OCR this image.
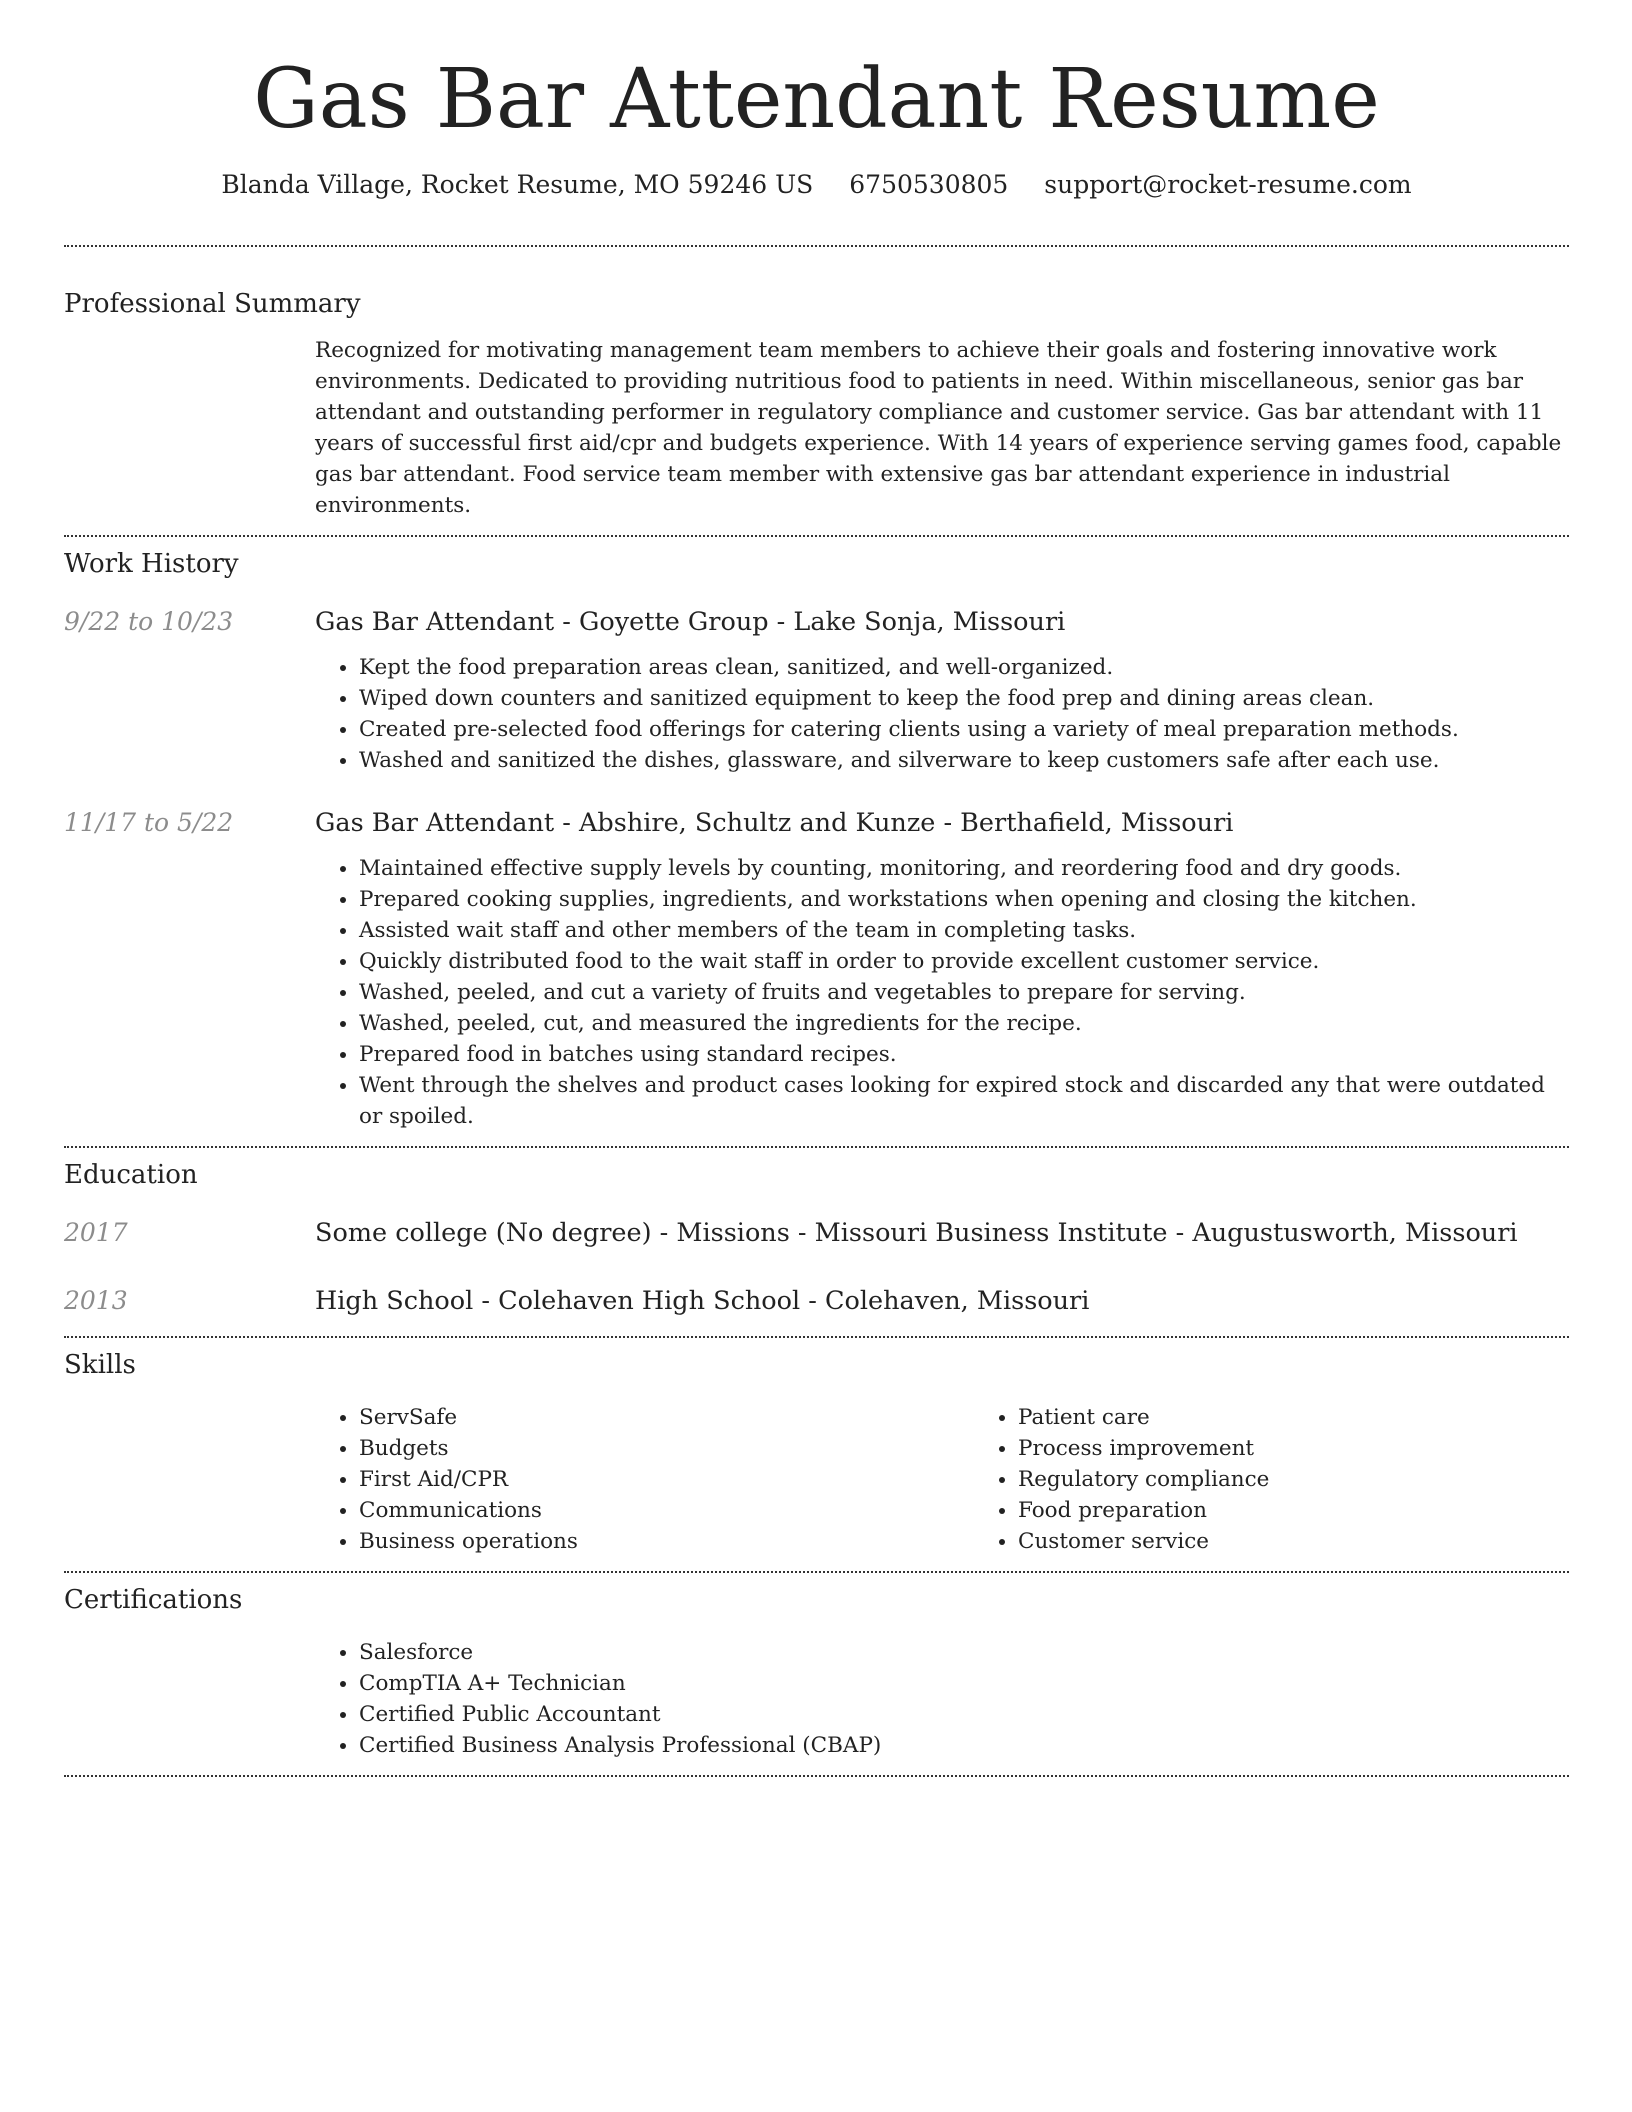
Gas Bar Attendant Resume
Blanda Village, Rocket Resume, MO 59246 US 6750530805 support@rocket-resume.com
Professional Summary
Recognized for motivating management team members to achieve their goals and fostering innovative work environments. Dedicated to providing nutritious food to patients in need. Within miscellaneous, senior gas bar attendant and outstanding performer in regulatory compliance and customer service. Gas bar attendant with 11 years of successful first aid/cpr and budgets experience. With 14 years of experience serving games food, capable gas bar attendant. Food service team member with extensive gas bar attendant experience in industrial environments.
Work History
9/22 to 10/23	Gas Bar Attendant - Goyette Group - Lake Sonja, Missouri
• Kept the food preparation areas clean, sanitized, and well-organized.
• Wiped down counters and sanitized equipment to keep the food prep and dining areas clean.
• Created pre-selected food offerings for catering clients using a variety of meal preparation methods.
• Washed and sanitized the dishes, glassware, and silverware to keep customers safe after each use.
11/17 to 5/22	Gas Bar Attendant - Abshire, Schultz and Kunze - Berthafield, Missouri
• Maintained effective supply levels by counting, monitoring, and reordering food and dry goods.
• Prepared cooking supplies, ingredients, and workstations when opening and closing the kitchen.
• Assisted wait staff and other members of the team in completing tasks.
• Quickly distributed food to the wait staff in order to provide excellent customer service.
• Washed, peeled, and cut a variety of fruits and vegetables to prepare for serving.
• Washed, peeled, cut, and measured the ingredients for the recipe.
• Prepared food in batches using standard recipes.
• Went through the shelves and product cases looking for expired stock and discarded any that were outdated or spoiled.
Education
2017	Some college (No degree) - Missions - Missouri Business Institute - Augustusworth, Missouri
2013	High School - Colehaven High School - Colehaven, Missouri
Skills
• ServSafe
• Budgets
• First Aid/CPR
• Communications
• Business operations
• Patient care
• Process improvement
• Regulatory compliance
• Food preparation
• Customer service
Certifications
• Salesforce
• CompTIA A+ Technician
• Certified Public Accountant
• Certified Business Analysis Professional (CBAP)
